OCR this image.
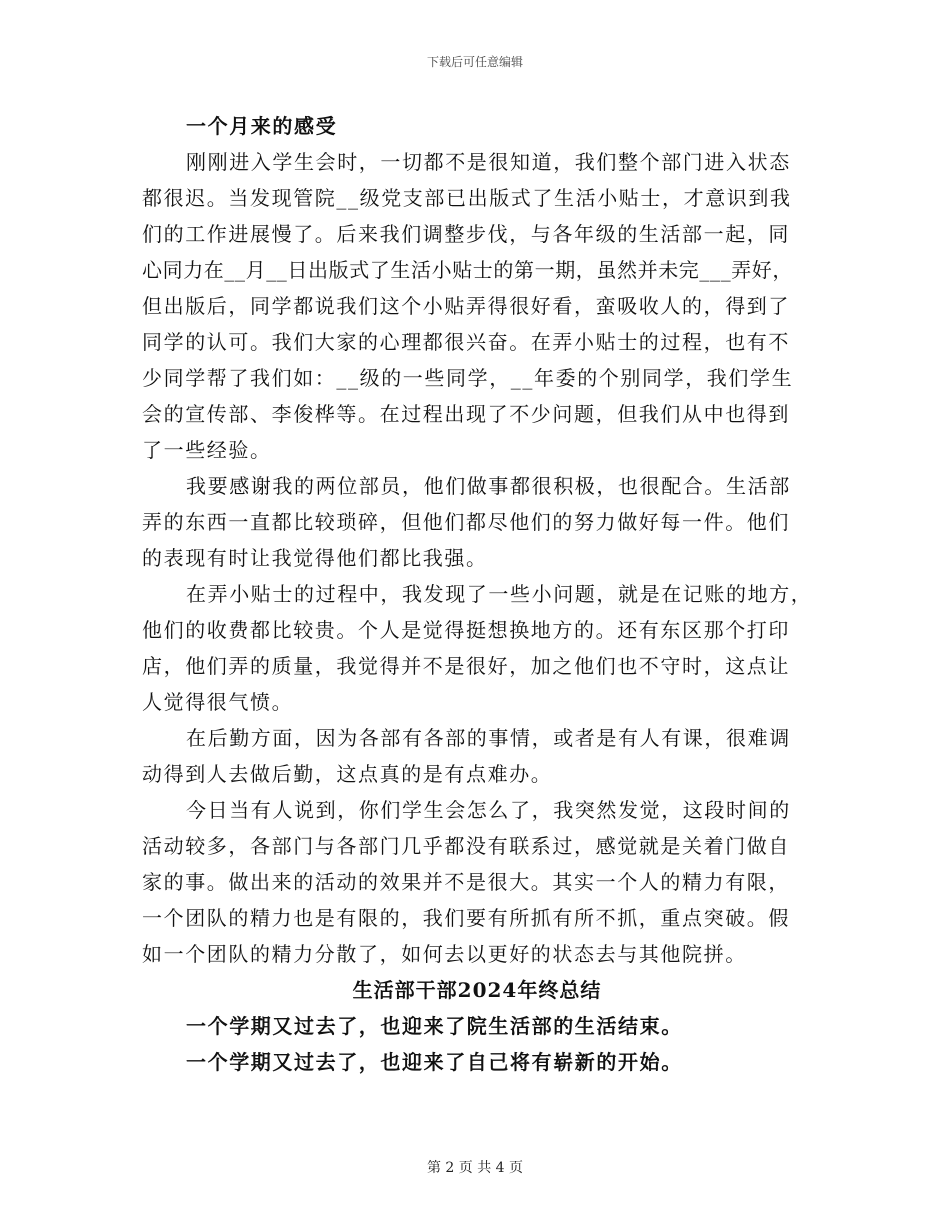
下载后可任意编辑
一个月来的感受
刚刚进入学生会时，一切都不是很知道，我们整个部门进入状态
都很迟。当发现管院__级党支部已出版式了生活小贴士，才意识到我
们的工作进展慢了。后来我们调整步伐，与各年级的生活部一起，同
心同力在__月__日出版式了生活小贴士的第一期，虽然并未完___弄好，
但出版后，同学都说我们这个小贴弄得很好看，蛮吸收人的，得到了
同学的认可。我们大家的心理都很兴奋。在弄小贴士的过程，也有不
少同学帮了我们如：__级的一些同学，__年委的个别同学，我们学生
会的宣传部、李俊桦等。在过程出现了不少问题，但我们从中也得到
了一些经验。
我要感谢我的两位部员，他们做事都很积极，也很配合。生活部
弄的东西一直都比较琐碎，但他们都尽他们的努力做好每一件。他们
的表现有时让我觉得他们都比我强。
在弄小贴士的过程中，我发现了一些小问题，就是在记账的地方，
他们的收费都比较贵。个人是觉得挺想换地方的。还有东区那个打印
店，他们弄的质量，我觉得并不是很好，加之他们也不守时，这点让
人觉得很气愤。
在后勤方面，因为各部有各部的事情，或者是有人有课，很难调
动得到人去做后勤，这点真的是有点难办。
今日当有人说到，你们学生会怎么了，我突然发觉，这段时间的
活动较多，各部门与各部门几乎都没有联系过，感觉就是关着门做自
家的事。做出来的活动的效果并不是很大。其实一个人的精力有限，
一个团队的精力也是有限的，我们要有所抓有所不抓，重点突破。假
如一个团队的精力分散了，如何去以更好的状态去与其他院拼。
生活部干部2024年终总结
一个学期又过去了，也迎来了院生活部的生活结束。
一个学期又过去了，也迎来了自己将有崭新的开始。
第 2 页 共 4 页
